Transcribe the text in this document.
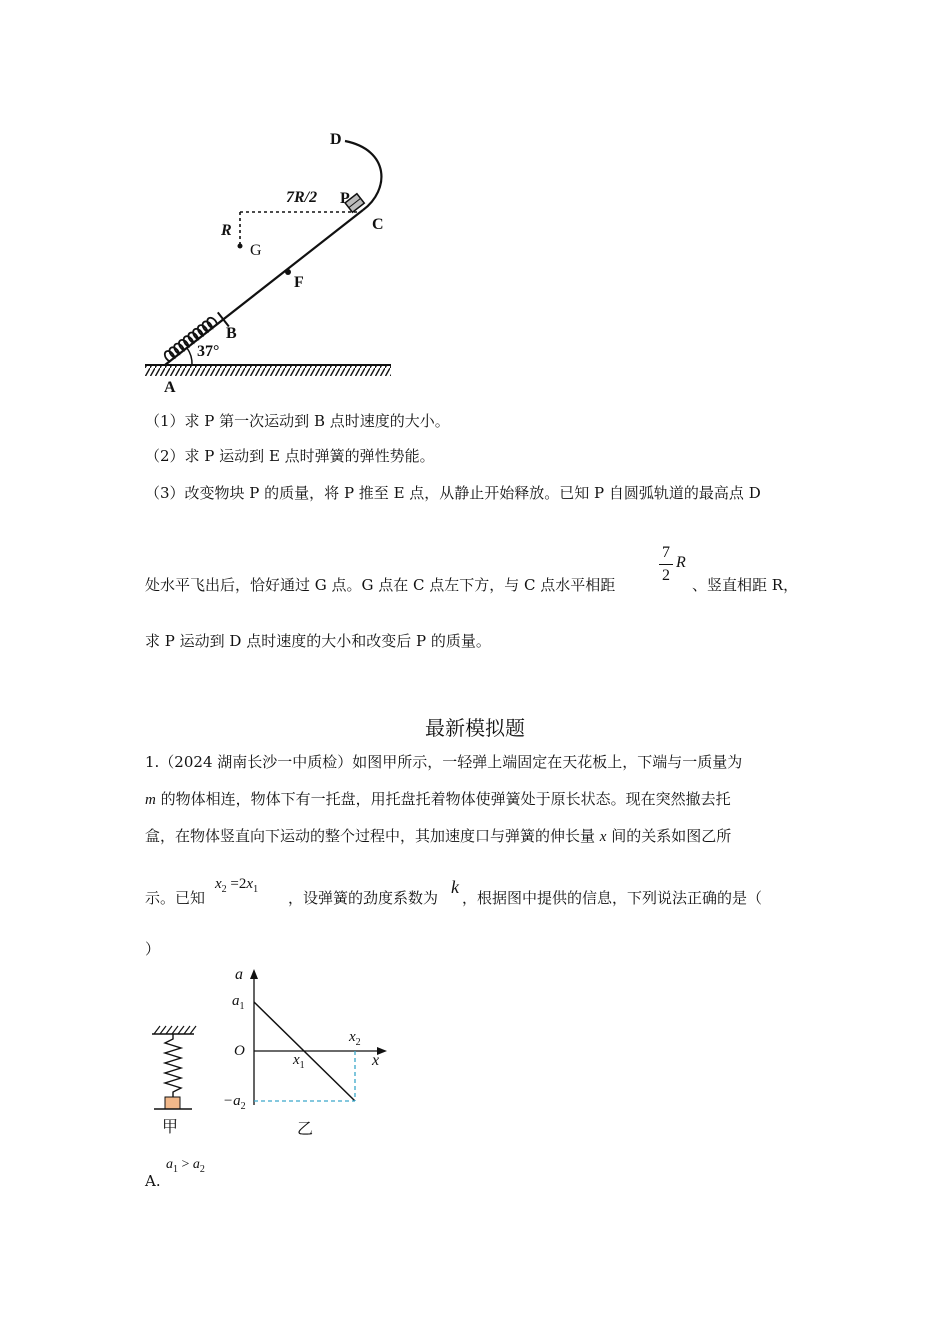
D
7R/2 P
C
R
G
F
B
37°
A
（1）求 P 第一次运动到 B 点时速度的大小。
（2）求 P 运动到 E 点时弹簧的弹性势能。
（3）改变物块 P 的质量，将 P 推至 E 点，从静止开始释放。已知 P 自圆弧轨道的最高点 D
处水平飞出后，恰好通过 G 点。G 点在 C 点左下方，与 C 点水平相距
7
2
R
、竖直相距 R，
求 P 运动到 D 点时速度的大小和改变后 P 的质量。
最新模拟题
1.（2024 湖南长沙一中质检）如图甲所示，一轻弹上端固定在天花板上，下端与一质量为
m 的物体相连，物体下有一托盘，用托盘托着物体使弹簧处于原长状态。现在突然撤去托
盒，在物体竖直向下运动的整个过程中，其加速度口与弹簧的伸长量 x 间的关系如图乙所
示。已知
$x_2 =2x_1$ ，设弹簧的劲度系数为
k
，根据图中提供的信息，下列说法正确的是（
）
甲
a
$a_1$
O
$-a_2$
$x_1$
$x_2$
x
乙
A.
$a_1 > a_2$
